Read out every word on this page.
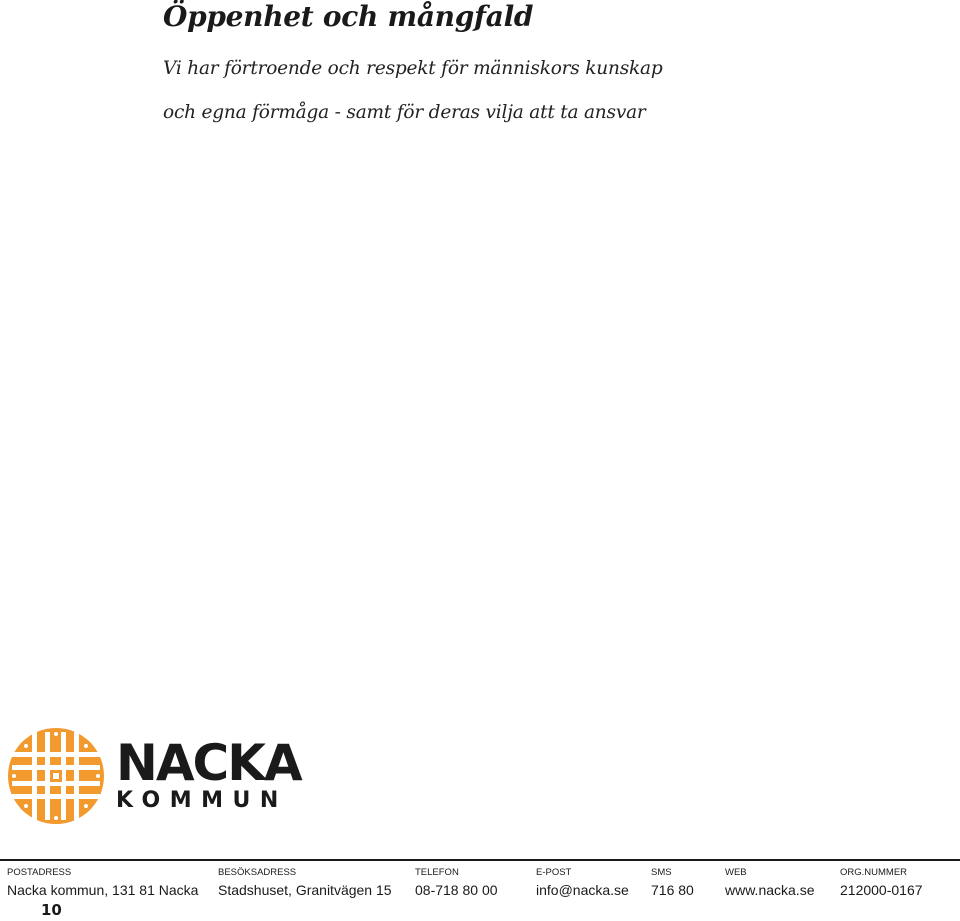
Öppenhet och mångfald

Vi har förtroende och respekt för människors kunskap

och egna förmåga - samt för deras vilja att ta ansvar

NACKA
KOMMUN
POSTADRESS
Nacka kommun, 131 81 Nacka
BESÖKSADRESS
Stadshuset, Granitvägen 15
TELEFON
08-718 80 00
E-POST
info@nacka.se
SMS
716 80
WEB
www.nacka.se
ORG.NUMMER
212000-0167

10
